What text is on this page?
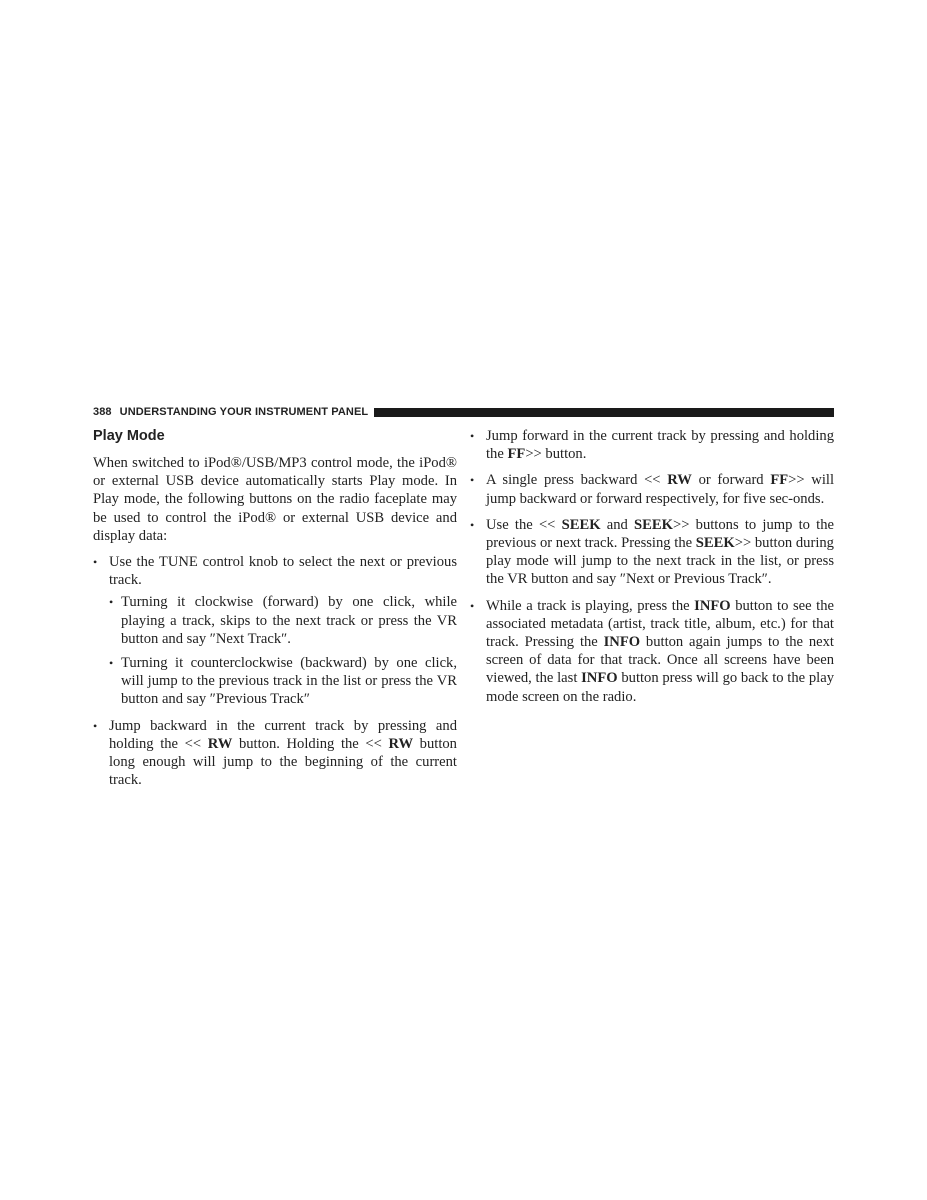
388 UNDERSTANDING YOUR INSTRUMENT PANEL
Play Mode

When switched to iPod®/USB/MP3 control mode, the iPod® or external USB device automatically starts Play mode. In Play mode, the following buttons on the radio faceplate may be used to control the iPod® or external USB device and display data:

• Use the TUNE control knob to select the next or previous track.
• Turning it clockwise (forward) by one click, while playing a track, skips to the next track or press the VR button and say ″Next Track″.
• Turning it counterclockwise (backward) by one click, will jump to the previous track in the list or press the VR button and say ″Previous Track″
• Jump backward in the current track by pressing and holding the << RW button. Holding the << RW button long enough will jump to the beginning of the current track.
• Jump forward in the current track by pressing and holding the FF>> button.
• A single press backward << RW or forward FF>> will jump backward or forward respectively, for five sec-onds.
• Use the << SEEK and SEEK>> buttons to jump to the previous or next track. Pressing the SEEK>> button during play mode will jump to the next track in the list, or press the VR button and say ″Next or Previous Track″.
• While a track is playing, press the INFO button to see the associated metadata (artist, track title, album, etc.) for that track. Pressing the INFO button again jumps to the next screen of data for that track. Once all screens have been viewed, the last INFO button press will go back to the play mode screen on the radio.
